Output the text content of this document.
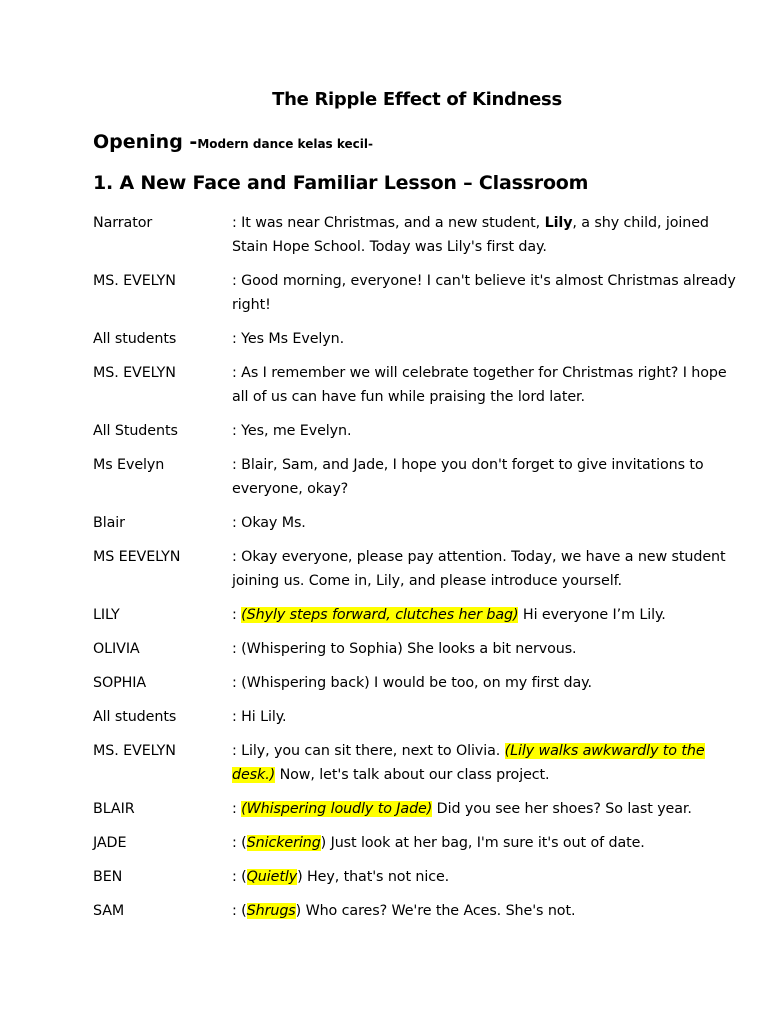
The Ripple Effect of Kindness
Opening -Modern dance kelas kecil-
1. A New Face and Familiar Lesson – Classroom
Narrator	: It was near Christmas, and a new student, Lily, a shy child, joined Stain Hope School. Today was Lily's first day.
MS. EVELYN	: Good morning, everyone! I can't believe it's almost Christmas already right!
All students	: Yes Ms Evelyn.
MS. EVELYN	: As I remember we will celebrate together for Christmas right? I hope all of us can have fun while praising the lord later.
All Students	: Yes, me Evelyn.
Ms Evelyn	: Blair, Sam, and Jade, I hope you don't forget to give invitations to everyone, okay?
Blair	: Okay Ms.
MS EEVELYN	: Okay everyone, please pay attention. Today, we have a new student joining us. Come in, Lily, and please introduce yourself.
LILY	: (Shyly steps forward, clutches her bag) Hi everyone I’m Lily.
OLIVIA	: (Whispering to Sophia) She looks a bit nervous.
SOPHIA	: (Whispering back) I would be too, on my first day.
All students	: Hi Lily.
MS. EVELYN	: Lily, you can sit there, next to Olivia. (Lily walks awkwardly to the desk.) Now, let's talk about our class project.
BLAIR	: (Whispering loudly to Jade) Did you see her shoes? So last year.
JADE	: (Snickering) Just look at her bag, I'm sure it's out of date.
BEN	: (Quietly) Hey, that's not nice.
SAM	: (Shrugs) Who cares? We're the Aces. She's not.
